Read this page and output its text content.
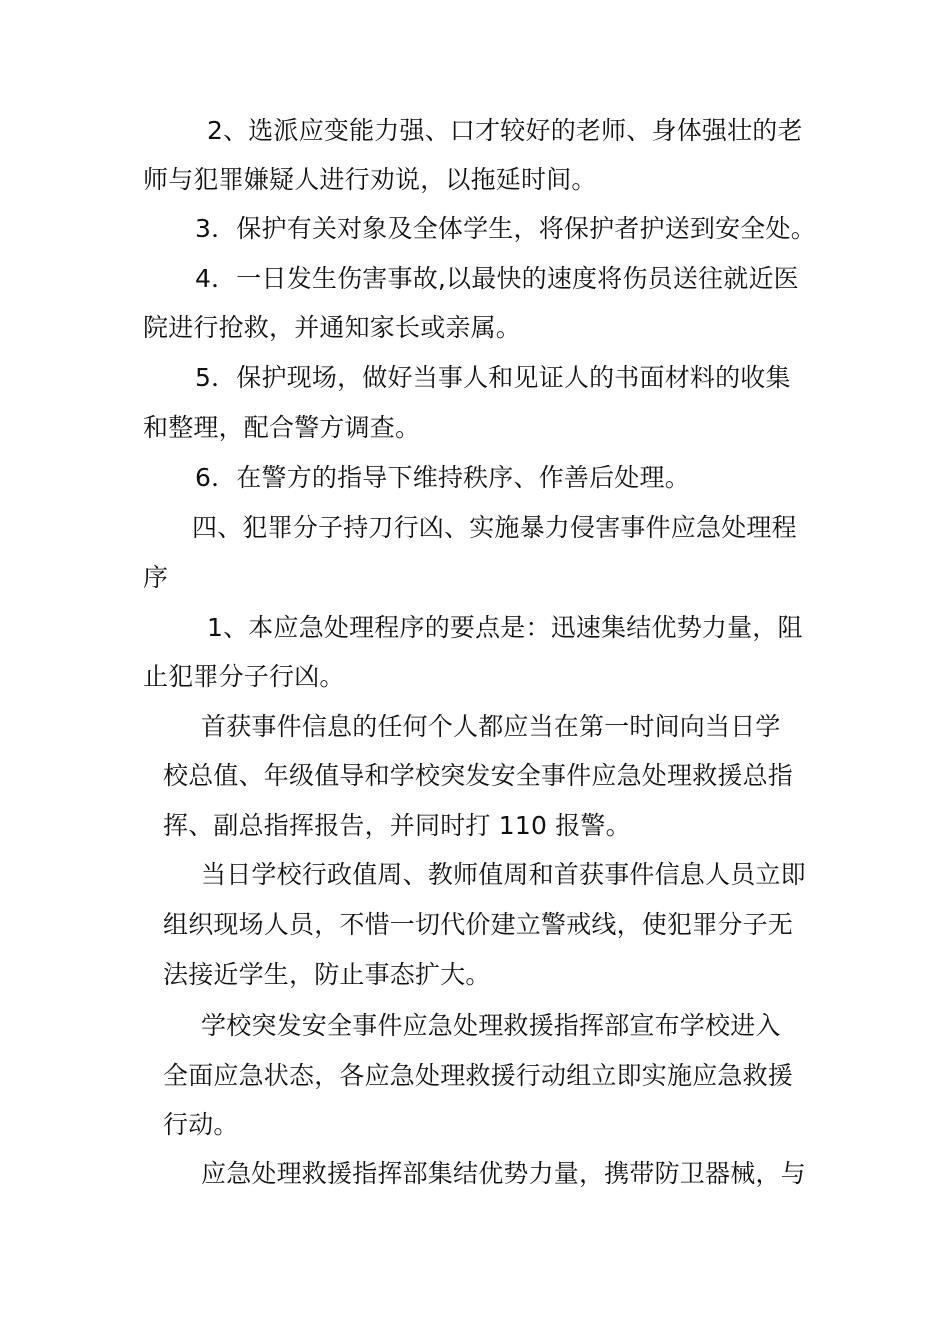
2、选派应变能力强、口才较好的老师、身体强壮的老
师与犯罪嫌疑人进行劝说，以拖延时间。
3．保护有关对象及全体学生，将保护者护送到安全处。
4．一日发生伤害事故,以最快的速度将伤员送往就近医
院进行抢救，并通知家长或亲属。
5．保护现场，做好当事人和见证人的书面材料的收集
和整理，配合警方调查。
6．在警方的指导下维持秩序、作善后处理。
四、犯罪分子持刀行凶、实施暴力侵害事件应急处理程
序
1、本应急处理程序的要点是：迅速集结优势力量，阻
止犯罪分子行凶。
首获事件信息的任何个人都应当在第一时间向当日学
校总值、年级值导和学校突发安全事件应急处理救援总指
挥、副总指挥报告，并同时打 110 报警。
当日学校行政值周、教师值周和首获事件信息人员立即
组织现场人员，不惜一切代价建立警戒线，使犯罪分子无
法接近学生，防止事态扩大。
学校突发安全事件应急处理救援指挥部宣布学校进入
全面应急状态，各应急处理救援行动组立即实施应急救援
行动。
应急处理救援指挥部集结优势力量，携带防卫器械，与
